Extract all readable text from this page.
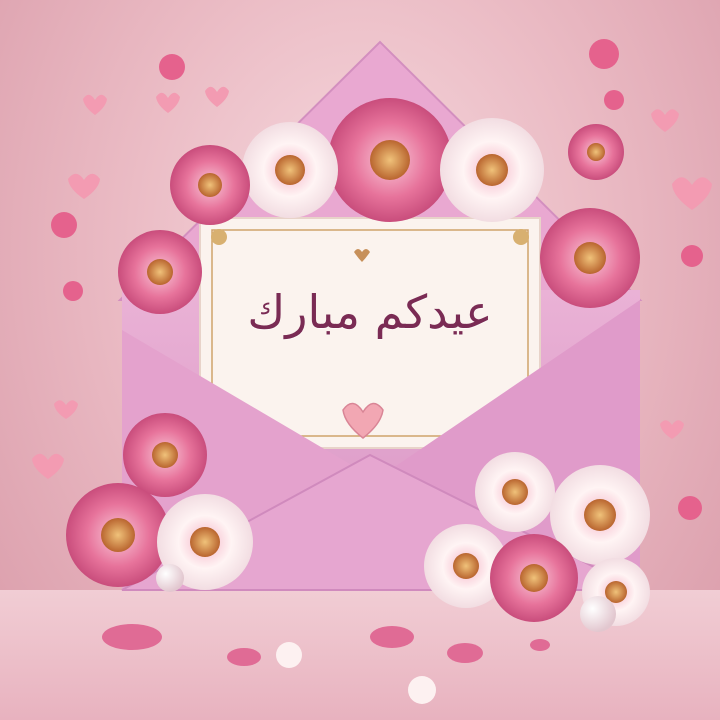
عيدكم مبارك
